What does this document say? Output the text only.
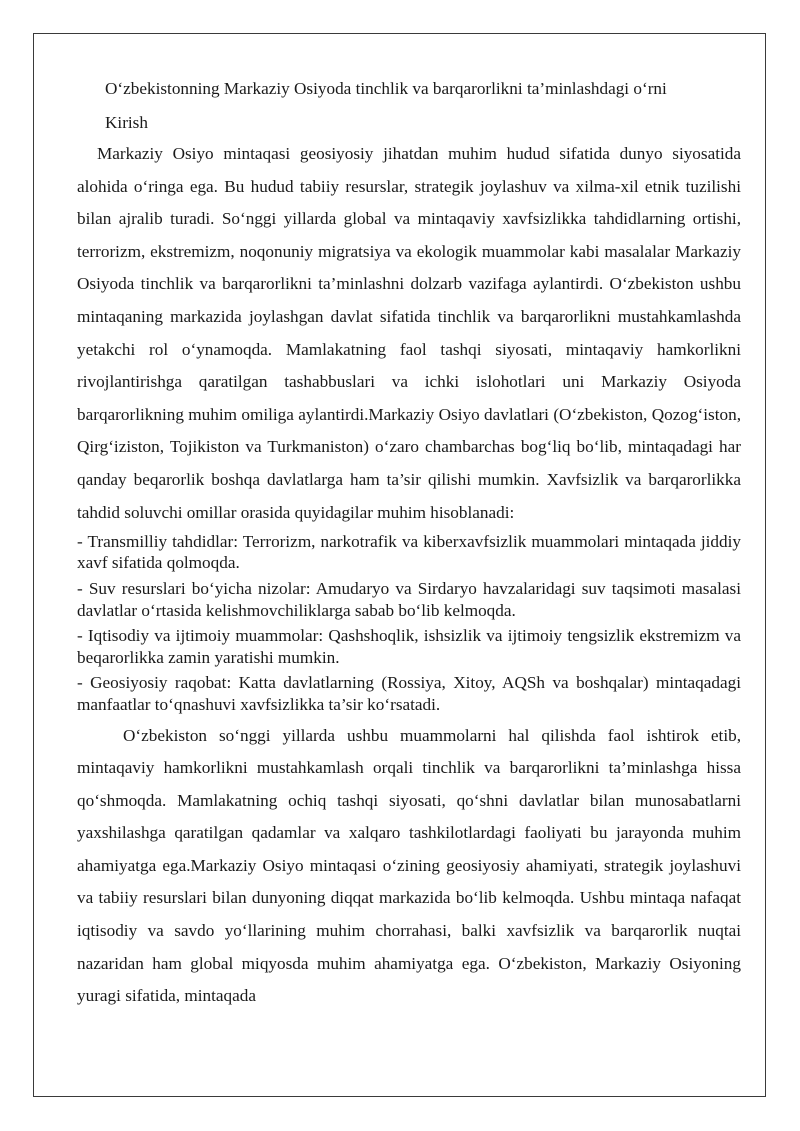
O‘zbekistonning Markaziy Osiyoda tinchlik va barqarorlikni ta’minlashdagi o‘rni

Kirish

Markaziy Osiyo mintaqasi geosiyosiy jihatdan muhim hudud sifatida dunyo siyosatida alohida o‘ringa ega. Bu hudud tabiiy resurslar, strategik joylashuv va xilma-xil etnik tuzilishi bilan ajralib turadi. So‘nggi yillarda global va mintaqaviy xavfsizlikka tahdidlarning ortishi, terrorizm, ekstremizm, noqonuniy migratsiya va ekologik muammolar kabi masalalar Markaziy Osiyoda tinchlik va barqarorlikni ta’minlashni dolzarb vazifaga aylantirdi. O‘zbekiston ushbu mintaqaning markazida joylashgan davlat sifatida tinchlik va barqarorlikni mustahkamlashda yetakchi rol o‘ynamoqda. Mamlakatning faol tashqi siyosati, mintaqaviy hamkorlikni rivojlantirishga qaratilgan tashabbuslari va ichki islohotlari uni Markaziy Osiyoda barqarorlikning muhim omiliga aylantirdi.Markaziy Osiyo davlatlari (O‘zbekiston, Qozog‘iston, Qirg‘iziston, Tojikiston va Turkmaniston) o‘zaro chambarchas bog‘liq bo‘lib, mintaqadagi har qanday beqarorlik boshqa davlatlarga ham ta’sir qilishi mumkin. Xavfsizlik va barqarorlikka tahdid soluvchi omillar orasida quyidagilar muhim hisoblanadi:

- Transmilliy tahdidlar: Terrorizm, narkotrafik va kiberxavfsizlik muammolari mintaqada jiddiy xavf sifatida qolmoqda.
- Suv resurslari bo‘yicha nizolar: Amudaryo va Sirdaryo havzalaridagi suv taqsimoti masalasi davlatlar o‘rtasida kelishmovchiliklarga sabab bo‘lib kelmoqda.
- Iqtisodiy va ijtimoiy muammolar: Qashshoqlik, ishsizlik va ijtimoiy tengsizlik ekstremizm va beqarorlikka zamin yaratishi mumkin.
- Geosiyosiy raqobat: Katta davlatlarning (Rossiya, Xitoy, AQSh va boshqalar) mintaqadagi manfaatlar to‘qnashuvi xavfsizlikka ta’sir ko‘rsatadi.

O‘zbekiston so‘nggi yillarda ushbu muammolarni hal qilishda faol ishtirok etib, mintaqaviy hamkorlikni mustahkamlash orqali tinchlik va barqarorlikni ta’minlashga hissa qo‘shmoqda. Mamlakatning ochiq tashqi siyosati, qo‘shni davlatlar bilan munosabatlarni yaxshilashga qaratilgan qadamlar va xalqaro tashkilotlardagi faoliyati bu jarayonda muhim ahamiyatga ega.Markaziy Osiyo mintaqasi o‘zining geosiyosiy ahamiyati, strategik joylashuvi va tabiiy resurslari bilan dunyoning diqqat markazida bo‘lib kelmoqda. Ushbu mintaqa nafaqat iqtisodiy va savdo yo‘llarining muhim chorrahasi, balki xavfsizlik va barqarorlik nuqtai nazaridan ham global miqyosda muhim ahamiyatga ega. O‘zbekiston, Markaziy Osiyoning yuragi sifatida, mintaqada
